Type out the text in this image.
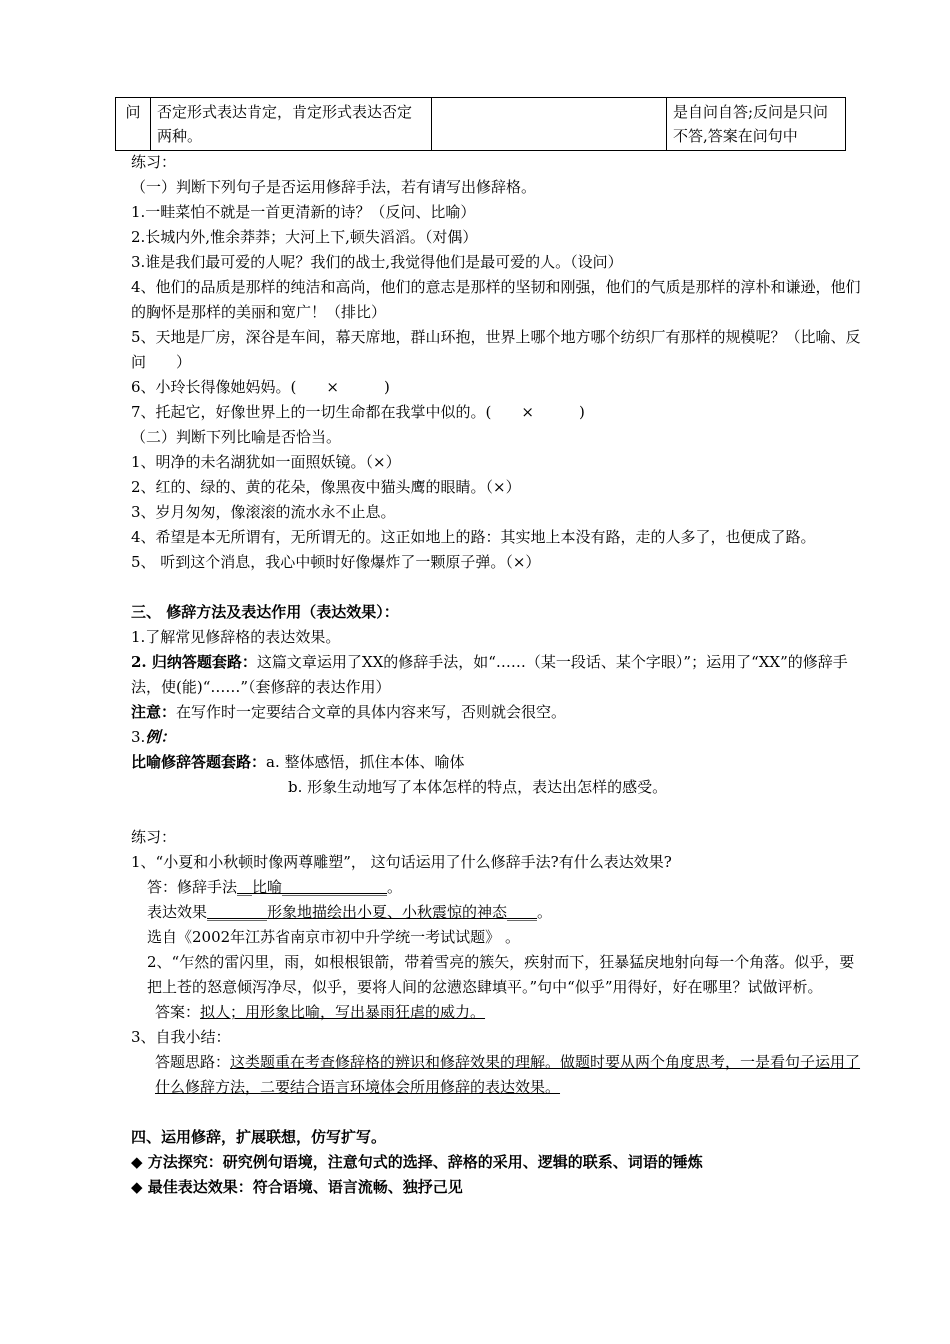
问	否定形式表达肯定，肯定形式表达否定两种。		是自问自答;反问是只问不答,答案在问句中

练习：

（一）判断下列句子是否运用修辞手法，若有请写出修辞格。

1.一畦菜怕不就是一首更清新的诗？（反问、比喻）

2.长城内外,惟余莽莽；大河上下,顿失滔滔。（对偶）

3.谁是我们最可爱的人呢？我们的战士,我觉得他们是最可爱的人。（设问）

4、他们的品质是那样的纯洁和高尚，他们的意志是那样的坚韧和刚强，他们的气质是那样的淳朴和谦逊，他们的胸怀是那样的美丽和宽广！（排比）

5、天地是厂房，深谷是车间，幕天席地，群山环抱，世界上哪个地方哪个纺织厂有那样的规模呢？（比喻、反问　　）

6、小玲长得像她妈妈。(　　×　　　)

7、托起它，好像世界上的一切生命都在我掌中似的。(　　×　　　)

（二）判断下列比喻是否恰当。

1、明净的未名湖犹如一面照妖镜。（×）

2、红的、绿的、黄的花朵，像黑夜中猫头鹰的眼睛。（×）

3、岁月匆匆，像滚滚的流水永不止息。

4、希望是本无所谓有，无所谓无的。这正如地上的路：其实地上本没有路，走的人多了，也便成了路。

5、 听到这个消息，我心中顿时好像爆炸了一颗原子弹。（×）

三、 修辞方法及表达作用（表达效果）：

1.了解常见修辞格的表达效果。

2. 归纳答题套路：这篇文章运用了XX的修辞手法，如“……（某一段话、某个字眼）”；运用了“XX”的修辞手法，使(能)“……”（套修辞的表达作用）

注意：在写作时一定要结合文章的具体内容来写，否则就会很空。

3.例：

比喻修辞答题套路：a. 整体感悟，抓住本体、喻体

b. 形象生动地写了本体怎样的特点，表达出怎样的感受。

练习：

1、“小夏和小秋顿时像两尊雕塑”， 这句话运用了什么修辞手法?有什么表达效果?

答：修辞手法__比喻______________。

表达效果________形象地描绘出小夏、小秋震惊的神态____。

选自《2002年江苏省南京市初中升学统一考试试题》 。

2、“乍然的雷闪里，雨，如根根银箭，带着雪亮的簇矢，疾射而下，狂暴猛戾地射向每一个角落。似乎，要把上苍的怒意倾泻净尽，似乎，要将人间的忿懑恣肆填平。”句中“似乎”用得好，好在哪里？试做评析。

答案：拟人；用形象比喻，写出暴雨狂虐的威力。

3、自我小结：

答题思路：这类题重在考查修辞格的辨识和修辞效果的理解。做题时要从两个角度思考，一是看句子运用了什么修辞方法，二要结合语言环境体会所用修辞的表达效果。

四、运用修辞，扩展联想，仿写扩写。

◆ 方法探究：研究例句语境，注意句式的选择、辞格的采用、逻辑的联系、词语的锤炼

◆ 最佳表达效果：符合语境、语言流畅、独抒己见
